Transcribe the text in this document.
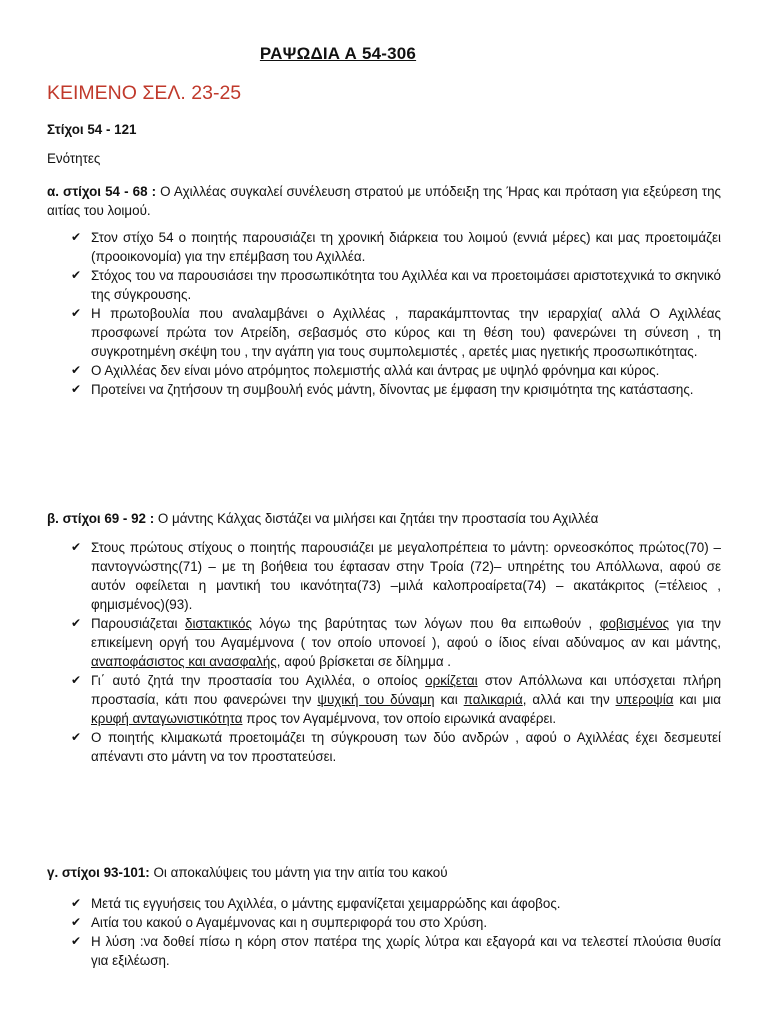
ΡΑΨΩΔΙΑ Α 54-306
ΚΕΙΜΕΝΟ ΣΕΛ. 23-25
Στίχοι 54 - 121
Ενότητες

α. στίχοι 54 - 68 : Ο Αχιλλέας συγκαλεί συνέλευση στρατού με υπόδειξη της Ήρας και πρόταση για εξεύρεση της αιτίας του λοιμού.

✔ Στον στίχο 54 ο ποιητής παρουσιάζει τη χρονική διάρκεια του λοιμού (εννιά μέρες) και μας προετοιμάζει (προοικονομία) για την επέμβαση του Αχιλλέα.
✔ Στόχος του να παρουσιάσει την προσωπικότητα του Αχιλλέα και να προετοιμάσει αριστοτεχνικά το σκηνικό της σύγκρουσης.
✔ Η πρωτοβουλία που αναλαμβάνει ο Αχιλλέας , παρακάμπτοντας την ιεραρχία( αλλά Ο Αχιλλέας προσφωνεί πρώτα τον Ατρείδη, σεβασμός στο κύρος και τη θέση του) φανερώνει τη σύνεση , τη συγκροτημένη σκέψη του , την αγάπη για τους συμπολεμιστές , αρετές μιας ηγετικής προσωπικότητας.
✔ Ο Αχιλλέας δεν είναι μόνο ατρόμητος πολεμιστής αλλά και άντρας με υψηλό φρόνημα και κύρος.
✔ Προτείνει να ζητήσουν τη συμβουλή ενός μάντη, δίνοντας με έμφαση την κρισιμότητα της κατάστασης.

β. στίχοι 69 - 92 : Ο μάντης Κάλχας διστάζει να μιλήσει και ζητάει την προστασία του Αχιλλέα

✔ Στους πρώτους στίχους ο ποιητής παρουσιάζει με μεγαλοπρέπεια το μάντη: ορνεοσκόπος πρώτος(70) – παντογνώστης(71) – με τη βοήθεια του έφτασαν στην Τροία (72)– υπηρέτης του Απόλλωνα, αφού σε αυτόν οφείλεται η μαντική του ικανότητα(73) –μιλά καλοπροαίρετα(74) – ακατάκριτος (=τέλειος , φημισμένος)(93).
✔ Παρουσιάζεται διστακτικός λόγω της βαρύτητας των λόγων που θα ειπωθούν , φοβισμένος για την επικείμενη οργή του Αγαμέμνονα ( τον οποίο υπονοεί ), αφού ο ίδιος είναι αδύναμος αν και μάντης, αναποφάσιστος και ανασφαλής, αφού βρίσκεται σε δίλημμα .
✔ Γι΄ αυτό ζητά την προστασία του Αχιλλέα, ο οποίος ορκίζεται στον Απόλλωνα και υπόσχεται πλήρη προστασία, κάτι που φανερώνει την ψυχική του δύναμη και παλικαριά, αλλά και την υπεροψία και μια κρυφή ανταγωνιστικότητα προς τον Αγαμέμνονα, τον οποίο ειρωνικά αναφέρει.
✔ Ο ποιητής κλιμακωτά προετοιμάζει τη σύγκρουση των δύο ανδρών , αφού ο Αχιλλέας έχει δεσμευτεί απέναντι στο μάντη να τον προστατεύσει.

γ. στίχοι 93-101: Οι αποκαλύψεις του μάντη για την αιτία του κακού

✔ Μετά τις εγγυήσεις του Αχιλλέα, ο μάντης εμφανίζεται χειμαρρώδης και άφοβος.
✔ Αιτία του κακού ο Αγαμέμνονας και η συμπεριφορά του στο Χρύση.
✔ Η λύση :να δοθεί πίσω η κόρη στον πατέρα της χωρίς λύτρα και εξαγορά και να τελεστεί πλούσια θυσία για εξιλέωση.
